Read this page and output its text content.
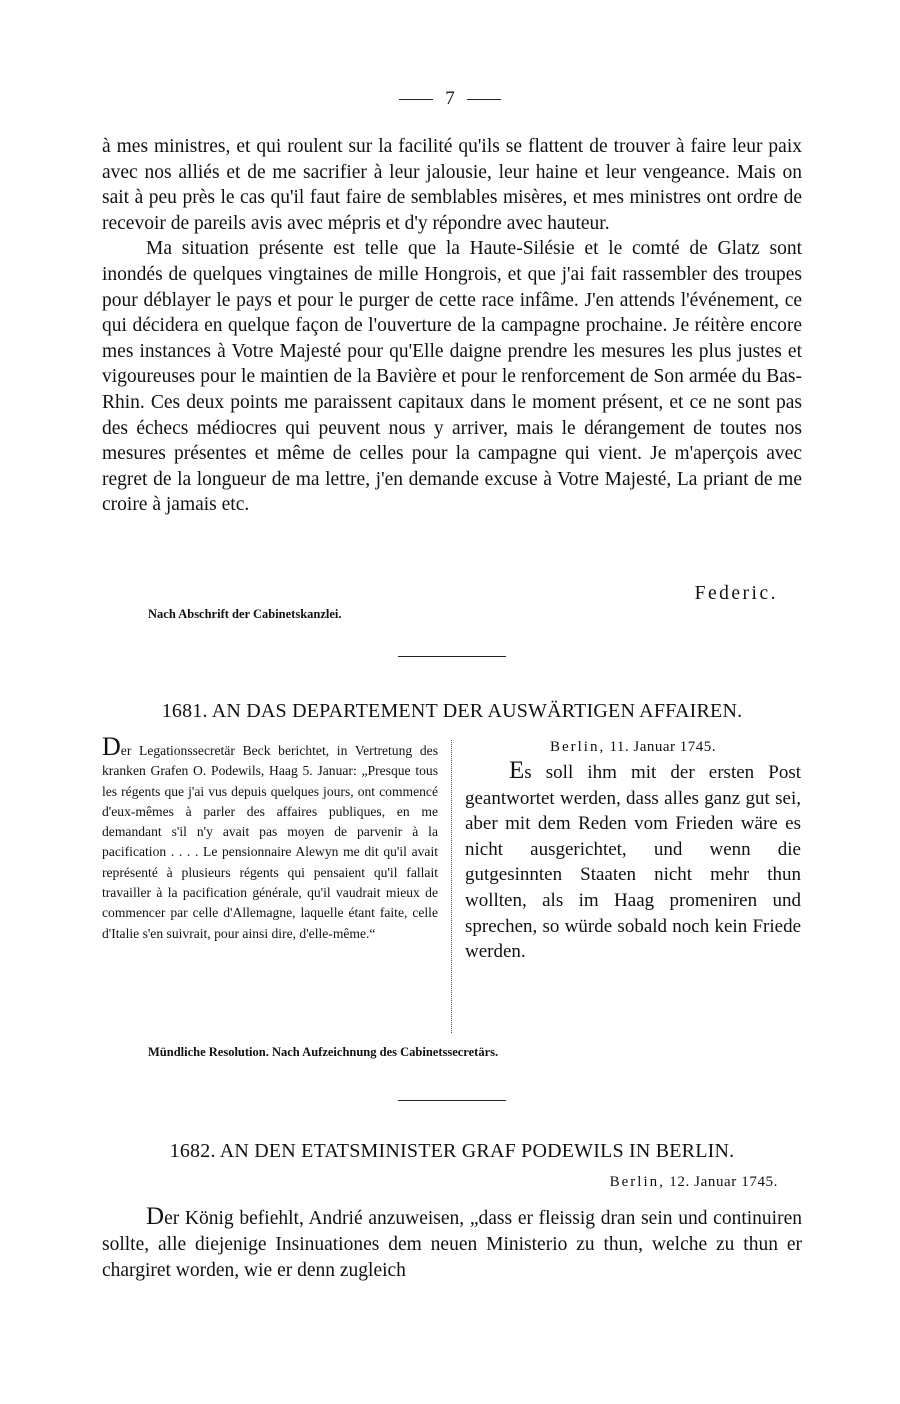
7

à mes ministres, et qui roulent sur la facilité qu'ils se flattent de trouver à faire leur paix avec nos alliés et de me sacrifier à leur jalousie, leur haine et leur vengeance. Mais on sait à peu près le cas qu'il faut faire de semblables misères, et mes ministres ont ordre de recevoir de pareils avis avec mépris et d'y répondre avec hauteur.

Ma situation présente est telle que la Haute-Silésie et le comté de Glatz sont inondés de quelques vingtaines de mille Hongrois, et que j'ai fait rassembler des troupes pour déblayer le pays et pour le purger de cette race infâme. J'en attends l'événement, ce qui décidera en quelque façon de l'ouverture de la campagne prochaine. Je réitère encore mes instances à Votre Majesté pour qu'Elle daigne prendre les mesures les plus justes et vigoureuses pour le maintien de la Bavière et pour le renforcement de Son armée du Bas-Rhin. Ces deux points me paraissent capitaux dans le moment présent, et ce ne sont pas des échecs médiocres qui peuvent nous y arriver, mais le dérangement de toutes nos mesures présentes et même de celles pour la campagne qui vient. Je m'aperçois avec regret de la longueur de ma lettre, j'en demande excuse à Votre Majesté, La priant de me croire à jamais etc.

Federic.

Nach Abschrift der Cabinetskanzlei.

1681. AN DAS DEPARTEMENT DER AUSWÄRTIGEN AFFAIREN.
Der Legationssecretär Beck berichtet, in Vertretung des kranken Grafen O. Podewils, Haag 5. Januar: „Presque tous les régents que j'ai vus depuis quelques jours, ont commencé d'eux-mêmes à parler des affaires publiques, en me demandant s'il n'y avait pas moyen de parvenir à la pacification . . . . Le pensionnaire Alewyn me dit qu'il avait représenté à plusieurs régents qui pensaient qu'il fallait travailler à la pacification générale, qu'il vaudrait mieux de commencer par celle d'Allemagne, laquelle étant faite, celle d'Italie s'en suivrait, pour ainsi dire, d'elle-même.“
Berlin, 11. Januar 1745.
Es soll ihm mit der ersten Post geantwortet werden, dass alles ganz gut sei, aber mit dem Reden vom Frieden wäre es nicht ausgerichtet, und wenn die gutgesinnten Staaten nicht mehr thun wollten, als im Haag promeniren und sprechen, so würde sobald noch kein Friede werden.

Mündliche Resolution. Nach Aufzeichnung des Cabinetssecretärs.

1682. AN DEN ETATSMINISTER GRAF PODEWILS IN BERLIN.
Berlin, 12. Januar 1745.
Der König befiehlt, Andrié anzuweisen, „dass er fleissig dran sein und continuiren sollte, alle diejenige Insinuationes dem neuen Ministerio zu thun, welche zu thun er chargiret worden, wie er denn zugleich
